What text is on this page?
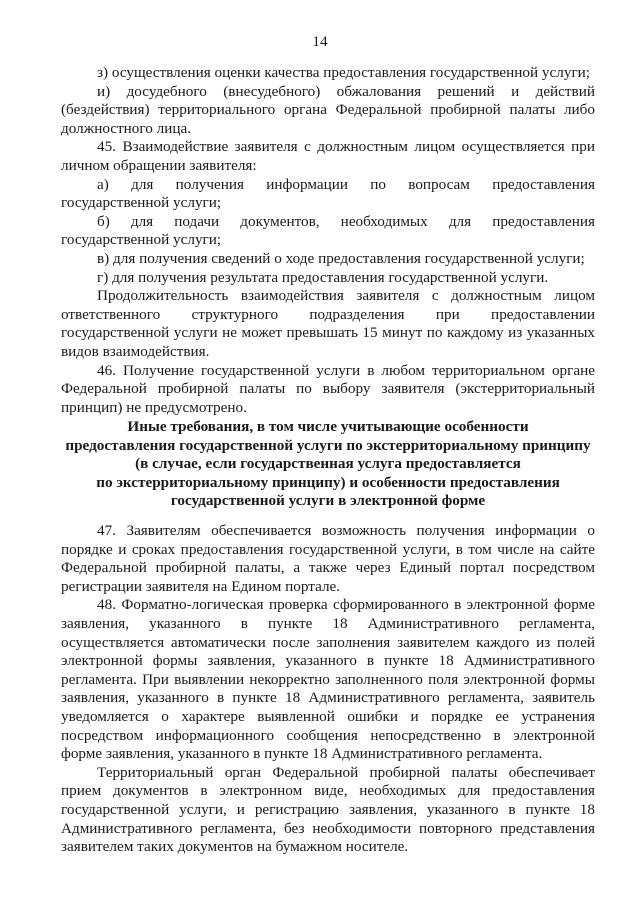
14

з) осуществления оценки качества предоставления государственной услуги;

и) досудебного (внесудебного) обжалования решений и действий (бездействия) территориального органа Федеральной пробирной палаты либо должностного лица.

45. Взаимодействие заявителя с должностным лицом осуществляется при личном обращении заявителя:

а) для получения информации по вопросам предоставления государственной услуги;

б) для подачи документов, необходимых для предоставления государственной услуги;

в) для получения сведений о ходе предоставления государственной услуги;

г) для получения результата предоставления государственной услуги.

Продолжительность взаимодействия заявителя с должностным лицом ответственного структурного подразделения при предоставлении государственной услуги не может превышать 15 минут по каждому из указанных видов взаимодействия.

46. Получение государственной услуги в любом территориальном органе Федеральной пробирной палаты по выбору заявителя (экстерриториальный принцип) не предусмотрено.

Иные требования, в том числе учитывающие особенности
предоставления государственной услуги по экстерриториальному принципу
(в случае, если государственная услуга предоставляется
по экстерриториальному принципу) и особенности предоставления
государственной услуги в электронной форме

47. Заявителям обеспечивается возможность получения информации о порядке и сроках предоставления государственной услуги, в том числе на сайте Федеральной пробирной палаты, а также через Единый портал посредством регистрации заявителя на Едином портале.

48. Форматно-логическая проверка сформированного в электронной форме заявления, указанного в пункте 18 Административного регламента, осуществляется автоматически после заполнения заявителем каждого из полей электронной формы заявления, указанного в пункте 18 Административного регламента. При выявлении некорректно заполненного поля электронной формы заявления, указанного в пункте 18 Административного регламента, заявитель уведомляется о характере выявленной ошибки и порядке ее устранения посредством информационного сообщения непосредственно в электронной форме заявления, указанного в пункте 18 Административного регламента.

Территориальный орган Федеральной пробирной палаты обеспечивает прием документов в электронном виде, необходимых для предоставления государственной услуги, и регистрацию заявления, указанного в пункте 18 Административного регламента, без необходимости повторного представления заявителем таких документов на бумажном носителе.
